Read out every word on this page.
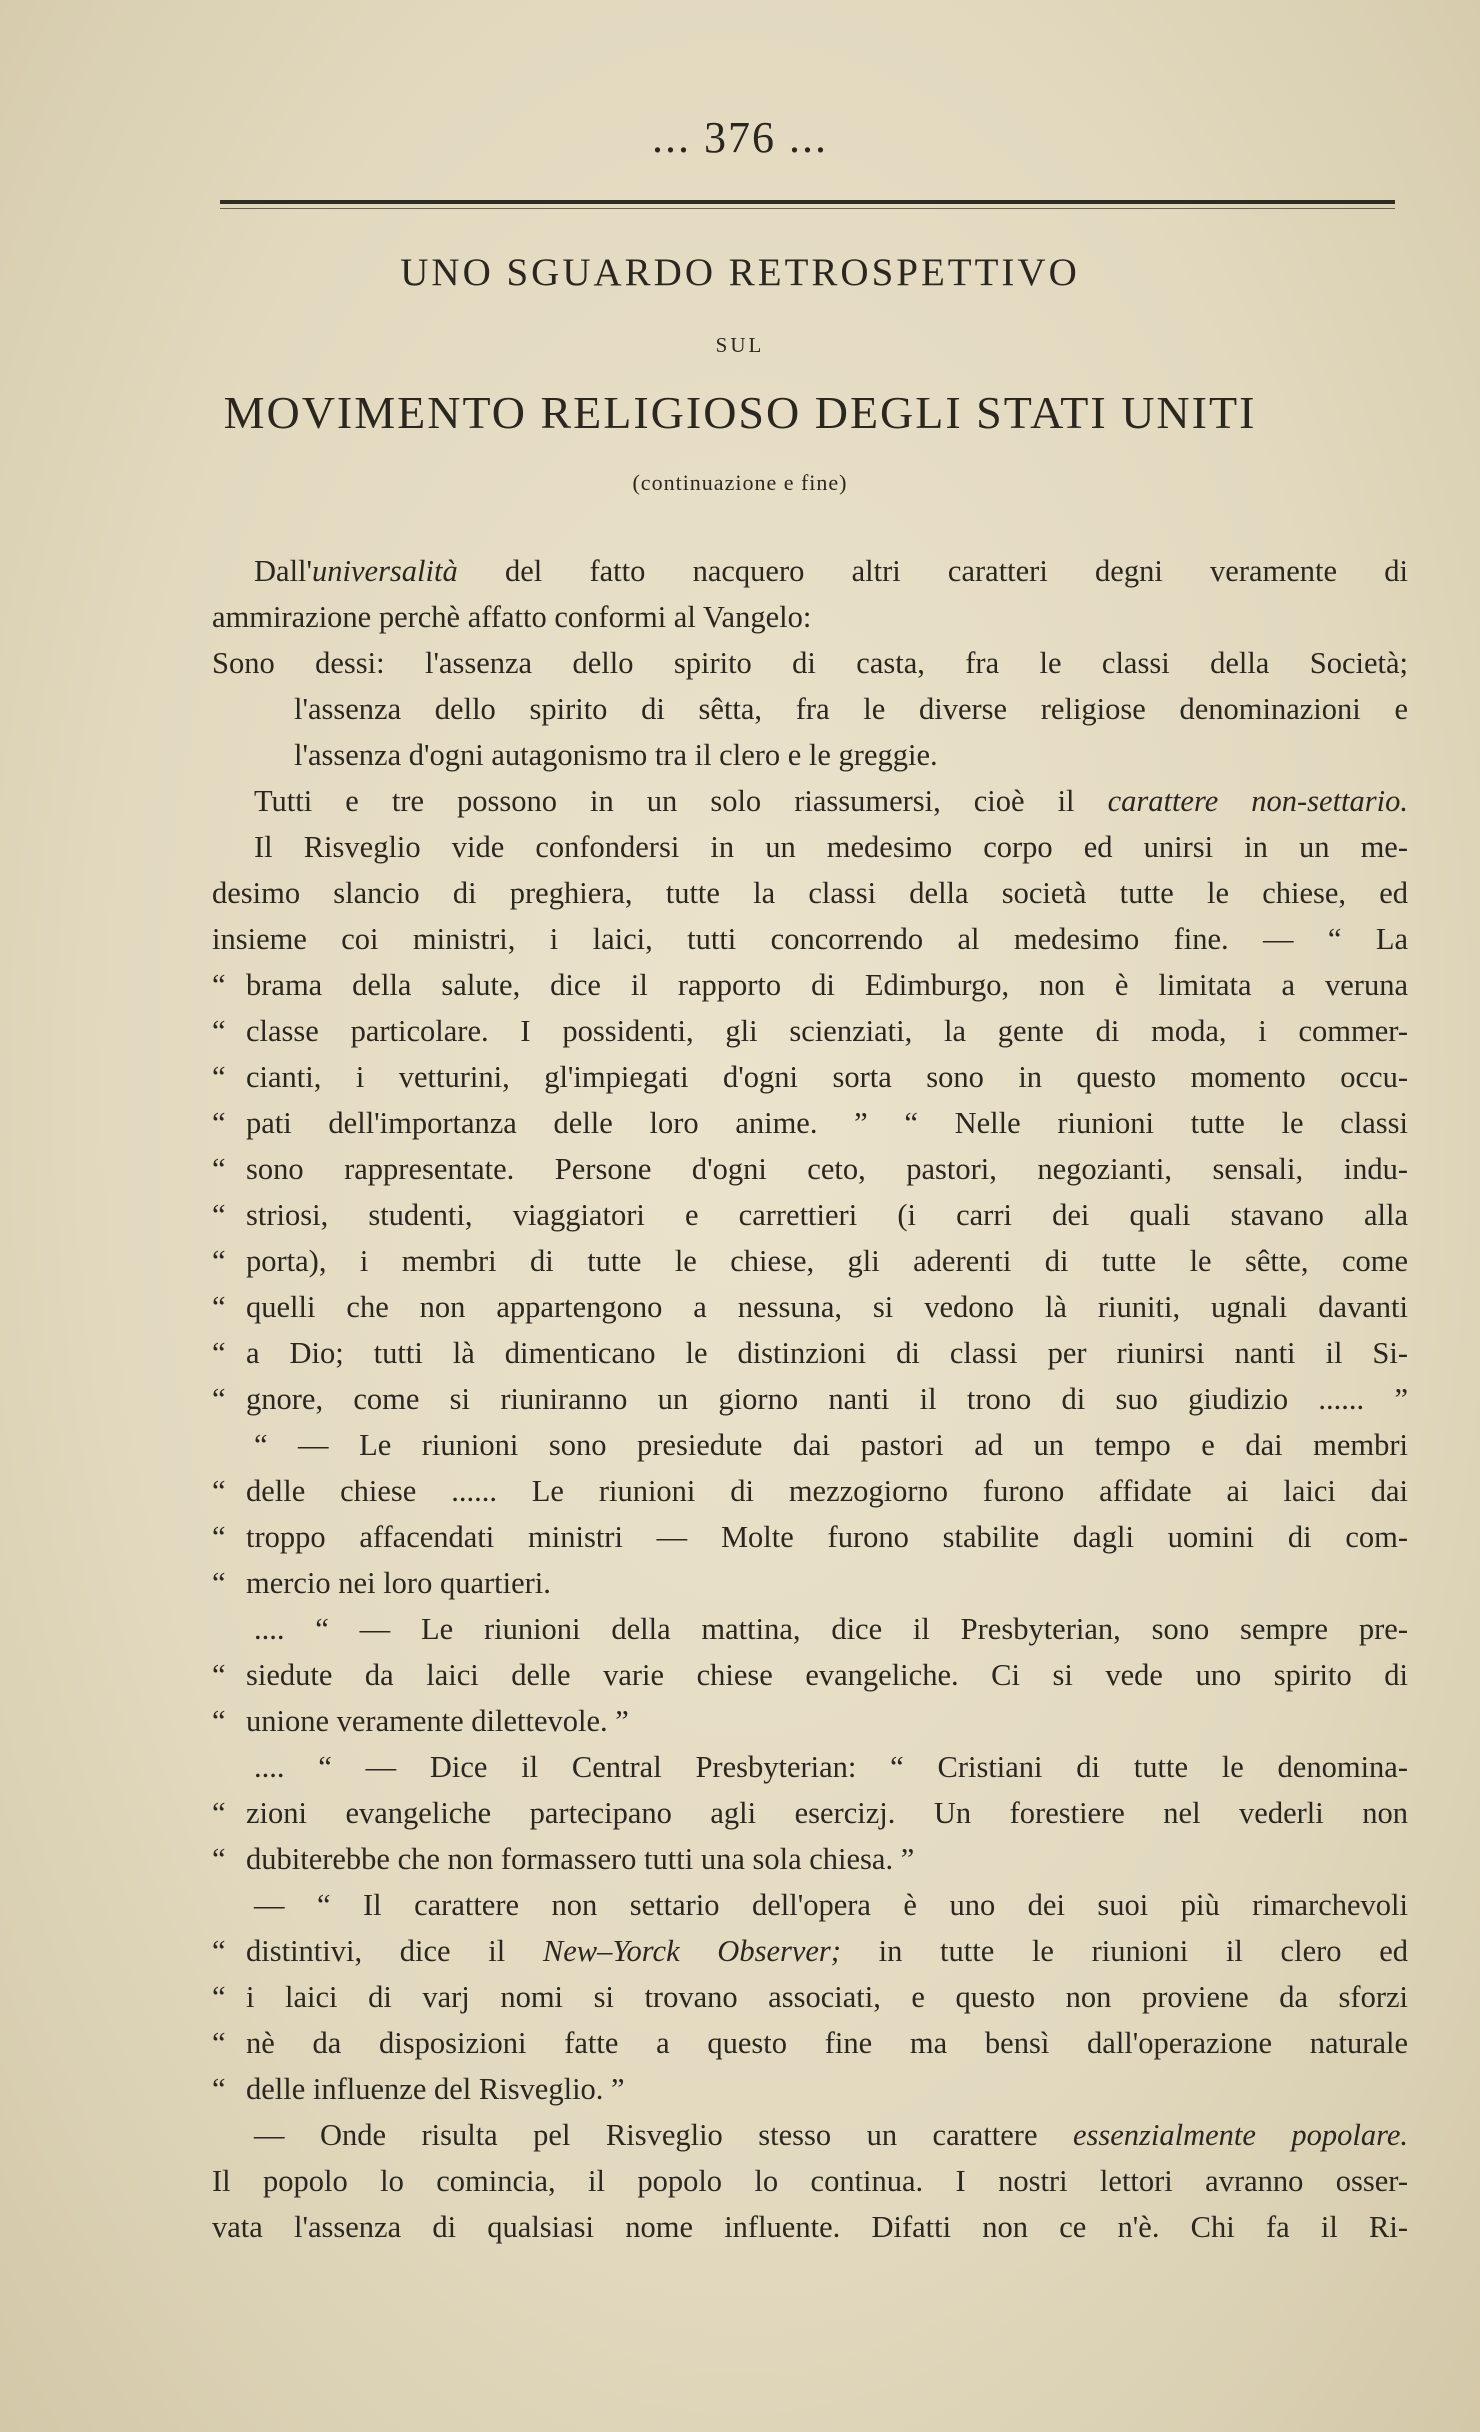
... 376 ...
UNO SGUARDO RETROSPETTIVO
SUL
MOVIMENTO RELIGIOSO DEGLI STATI UNITI
(continuazione e fine)
Dall'universalità del fatto nacquero altri caratteri degni veramente di
ammirazione perchè affatto conformi al Vangelo:
Sono dessi: l'assenza dello spirito di casta, fra le classi della Società;
l'assenza dello spirito di sêtta, fra le diverse religiose denominazioni e
l'assenza d'ogni autagonismo tra il clero e le greggie.
Tutti e tre possono in un solo riassumersi, cioè il carattere non-settario.
Il Risveglio vide confondersi in un medesimo corpo ed unirsi in un me-
desimo slancio di preghiera, tutte la classi della società tutte le chiese, ed
insieme coi ministri, i laici, tutti concorrendo al medesimo fine. — “ La
“ brama della salute, dice il rapporto di Edimburgo, non è limitata a veruna
“ classe particolare. I possidenti, gli scienziati, la gente di moda, i commer-
“ cianti, i vetturini, gl'impiegati d'ogni sorta sono in questo momento occu-
“ pati dell'importanza delle loro anime. ” “ Nelle riunioni tutte le classi
“ sono rappresentate. Persone d'ogni ceto, pastori, negozianti, sensali, indu-
“ striosi, studenti, viaggiatori e carrettieri (i carri dei quali stavano alla
“ porta), i membri di tutte le chiese, gli aderenti di tutte le sêtte, come
“ quelli che non appartengono a nessuna, si vedono là riuniti, ugnali davanti
“ a Dio; tutti là dimenticano le distinzioni di classi per riunirsi nanti il Si-
“ gnore, come si riuniranno un giorno nanti il trono di suo giudizio ...... ”
“ — Le riunioni sono presiedute dai pastori ad un tempo e dai membri
“ delle chiese ...... Le riunioni di mezzogiorno furono affidate ai laici dai
“ troppo affacendati ministri — Molte furono stabilite dagli uomini di com-
“ mercio nei loro quartieri.
.... “ — Le riunioni della mattina, dice il Presbyterian, sono sempre pre-
“ siedute da laici delle varie chiese evangeliche. Ci si vede uno spirito di
“ unione veramente dilettevole. ”
.... “ — Dice il Central Presbyterian: “ Cristiani di tutte le denomina-
“ zioni evangeliche partecipano agli esercizj. Un forestiere nel vederli non
“ dubiterebbe che non formassero tutti una sola chiesa. ”
— “ Il carattere non settario dell'opera è uno dei suoi più rimarchevoli
“ distintivi, dice il New–Yorck Observer; in tutte le riunioni il clero ed
“ i laici di varj nomi si trovano associati, e questo non proviene da sforzi
“ nè da disposizioni fatte a questo fine ma bensì dall'operazione naturale
“ delle influenze del Risveglio. ”
— Onde risulta pel Risveglio stesso un carattere essenzialmente popolare.
Il popolo lo comincia, il popolo lo continua. I nostri lettori avranno osser-
vata l'assenza di qualsiasi nome influente. Difatti non ce n'è. Chi fa il Ri-
